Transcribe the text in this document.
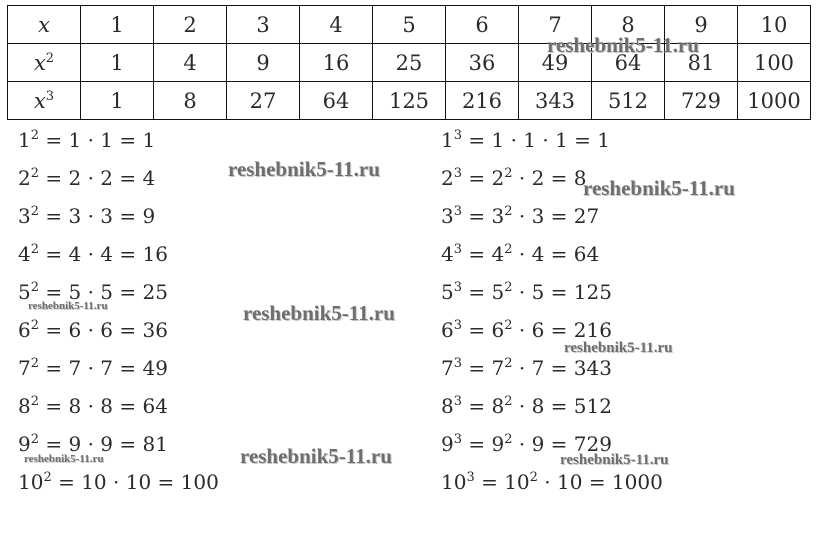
x	1	2	3	4	5	6	7	8	9	10
$x^2$	1	4	9	16	25	36	49	64	81	100
$x^3$	1	8	27	64	125	216	343	512	729	1000
$1^2 = 1 \cdot 1 = 1$
$2^2 = 2 \cdot 2 = 4$
$3^2 = 3 \cdot 3 = 9$
$4^2 = 4 \cdot 4 = 16$
$5^2 = 5 \cdot 5 = 25$
$6^2 = 6 \cdot 6 = 36$
$7^2 = 7 \cdot 7 = 49$
$8^2 = 8 \cdot 8 = 64$
$9^2 = 9 \cdot 9 = 81$
$10^2 = 10 \cdot 10 = 100$
$1^3 = 1 \cdot 1 \cdot 1 = 1$
$2^3 = 2^2 \cdot 2 = 8$
$3^3 = 3^2 \cdot 3 = 27$
$4^3 = 4^2 \cdot 4 = 64$
$5^3 = 5^2 \cdot 5 = 125$
$6^3 = 6^2 \cdot 6 = 216$
$7^3 = 7^2 \cdot 7 = 343$
$8^3 = 8^2 \cdot 8 = 512$
$9^3 = 9^2 \cdot 9 = 729$
$10^3 = 10^2 \cdot 10 = 1000$
reshebnik5-11.ru
reshebnik5-11.ru
reshebnik5-11.ru
reshebnik5-11.ru	reshebnik5-11.ru
reshebnik5-11.ru
reshebnik5-11.ru
reshebnik5-11.ru	reshebnik5-11.ru
